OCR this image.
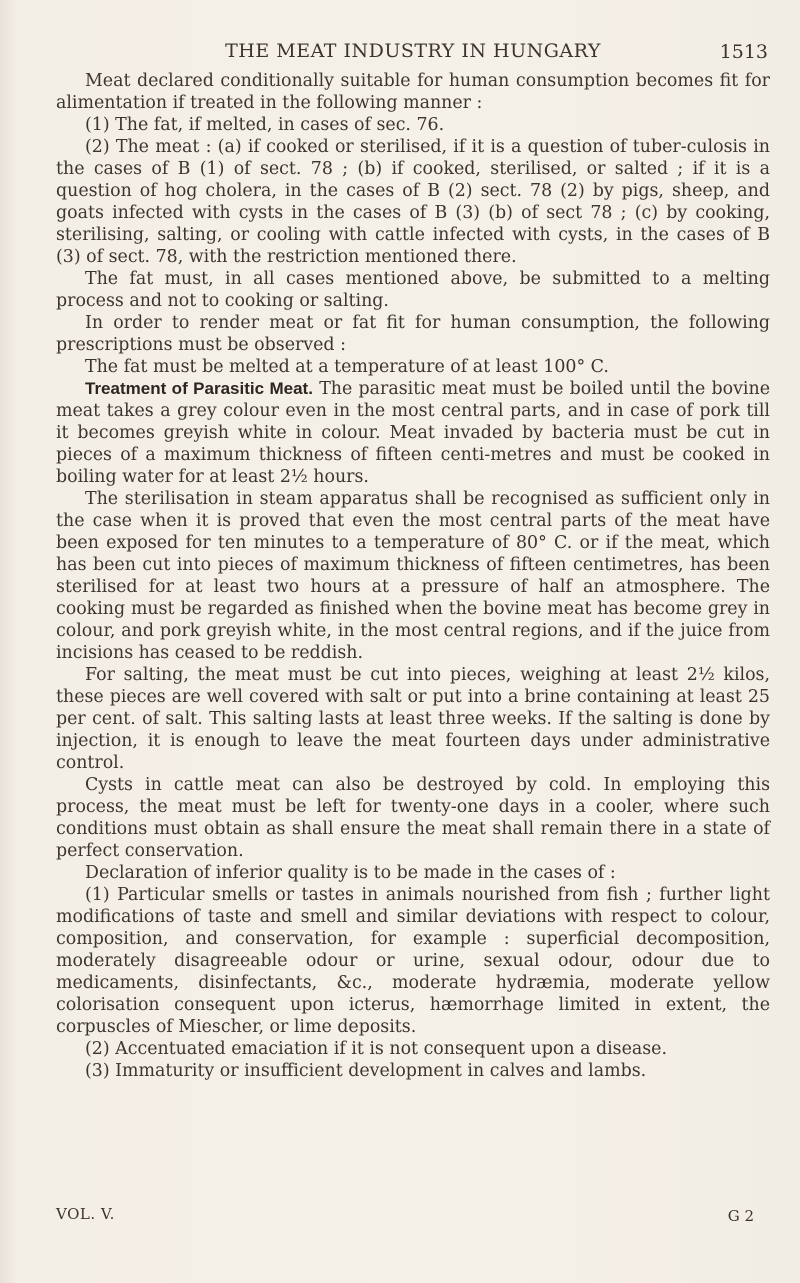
THE MEAT INDUSTRY IN HUNGARY	1513

Meat declared conditionally suitable for human consumption becomes fit for alimentation if treated in the following manner :

(1) The fat, if melted, in cases of sec. 76.

(2) The meat : (a) if cooked or sterilised, if it is a question of tuber-culosis in the cases of B (1) of sect. 78 ; (b) if cooked, sterilised, or salted ; if it is a question of hog cholera, in the cases of B (2) sect. 78 (2) by pigs, sheep, and goats infected with cysts in the cases of B (3) (b) of sect 78 ; (c) by cooking, sterilising, salting, or cooling with cattle infected with cysts, in the cases of B (3) of sect. 78, with the restriction mentioned there.

The fat must, in all cases mentioned above, be submitted to a melting process and not to cooking or salting.

In order to render meat or fat fit for human consumption, the following prescriptions must be observed :

The fat must be melted at a temperature of at least 100° C.

Treatment of Parasitic Meat. The parasitic meat must be boiled until the bovine meat takes a grey colour even in the most central parts, and in case of pork till it becomes greyish white in colour. Meat invaded by bacteria must be cut in pieces of a maximum thickness of fifteen centi-metres and must be cooked in boiling water for at least 2½ hours.

The sterilisation in steam apparatus shall be recognised as sufficient only in the case when it is proved that even the most central parts of the meat have been exposed for ten minutes to a temperature of 80° C. or if the meat, which has been cut into pieces of maximum thickness of fifteen centimetres, has been sterilised for at least two hours at a pressure of half an atmosphere. The cooking must be regarded as finished when the bovine meat has become grey in colour, and pork greyish white, in the most central regions, and if the juice from incisions has ceased to be reddish.

For salting, the meat must be cut into pieces, weighing at least 2½ kilos, these pieces are well covered with salt or put into a brine containing at least 25 per cent. of salt. This salting lasts at least three weeks. If the salting is done by injection, it is enough to leave the meat fourteen days under administrative control.

Cysts in cattle meat can also be destroyed by cold. In employing this process, the meat must be left for twenty-one days in a cooler, where such conditions must obtain as shall ensure the meat shall remain there in a state of perfect conservation.

Declaration of inferior quality is to be made in the cases of :

(1) Particular smells or tastes in animals nourished from fish ; further light modifications of taste and smell and similar deviations with respect to colour, composition, and conservation, for example : superficial decomposition, moderately disagreeable odour or urine, sexual odour, odour due to medicaments, disinfectants, &c., moderate hydræmia, moderate yellow colorisation consequent upon icterus, hæmorrhage limited in extent, the corpuscles of Miescher, or lime deposits.

(2) Accentuated emaciation if it is not consequent upon a disease.

(3) Immaturity or insufficient development in calves and lambs.

VOL. V.	G 2
